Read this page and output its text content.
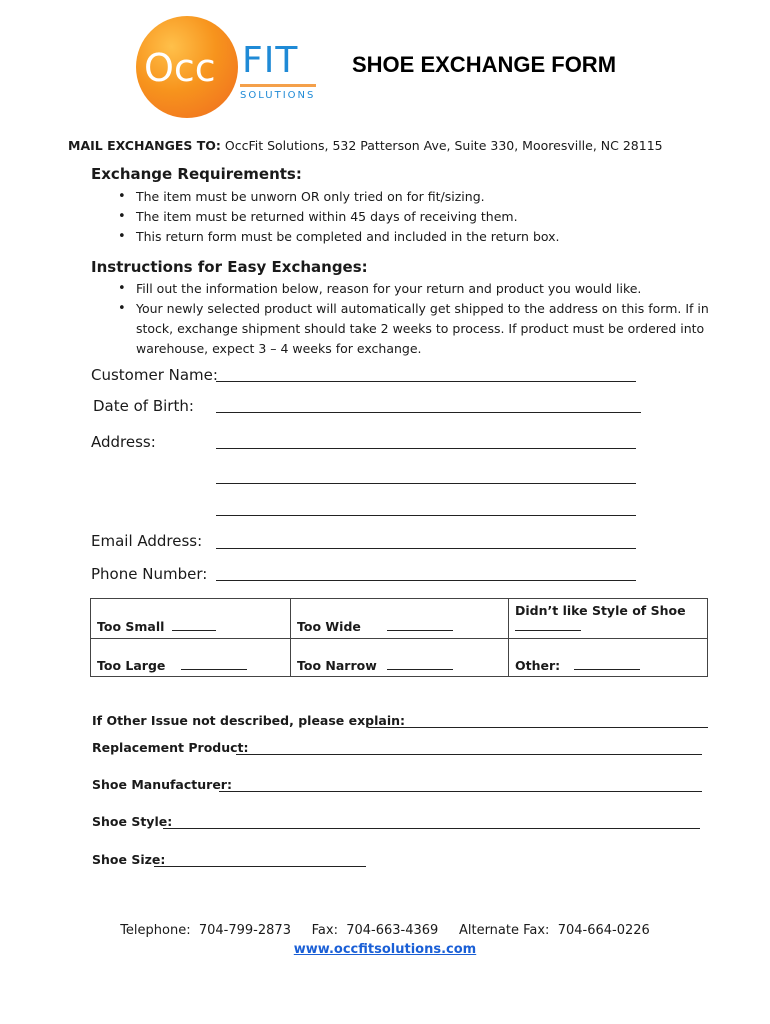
Occ FIT
SOLUTIONS
SHOE EXCHANGE FORM
MAIL EXCHANGES TO: OccFit Solutions, 532 Patterson Ave, Suite 330, Mooresville, NC 28115
Exchange Requirements:
• The item must be unworn OR only tried on for fit/sizing.
• The item must be returned within 45 days of receiving them.
• This return form must be completed and included in the return box.
Instructions for Easy Exchanges:
• Fill out the information below, reason for your return and product you would like.
• Your newly selected product will automatically get shipped to the address on this form. If in stock, exchange shipment should take 2 weeks to process. If product must be ordered into warehouse, expect 3 – 4 weeks for exchange.
Customer Name:
Date of Birth:
Address:
Email Address:
Phone Number:
Too Small	Too Wide	Didn’t like Style of Shoe

Too Large	Too Narrow	Other:
If Other Issue not described, please explain:
Replacement Product:
Shoe Manufacturer:
Shoe Style:
Shoe Size:
Telephone:  704-799-2873     Fax:  704-663-4369     Alternate Fax:  704-664-0226
www.occfitsolutions.com
